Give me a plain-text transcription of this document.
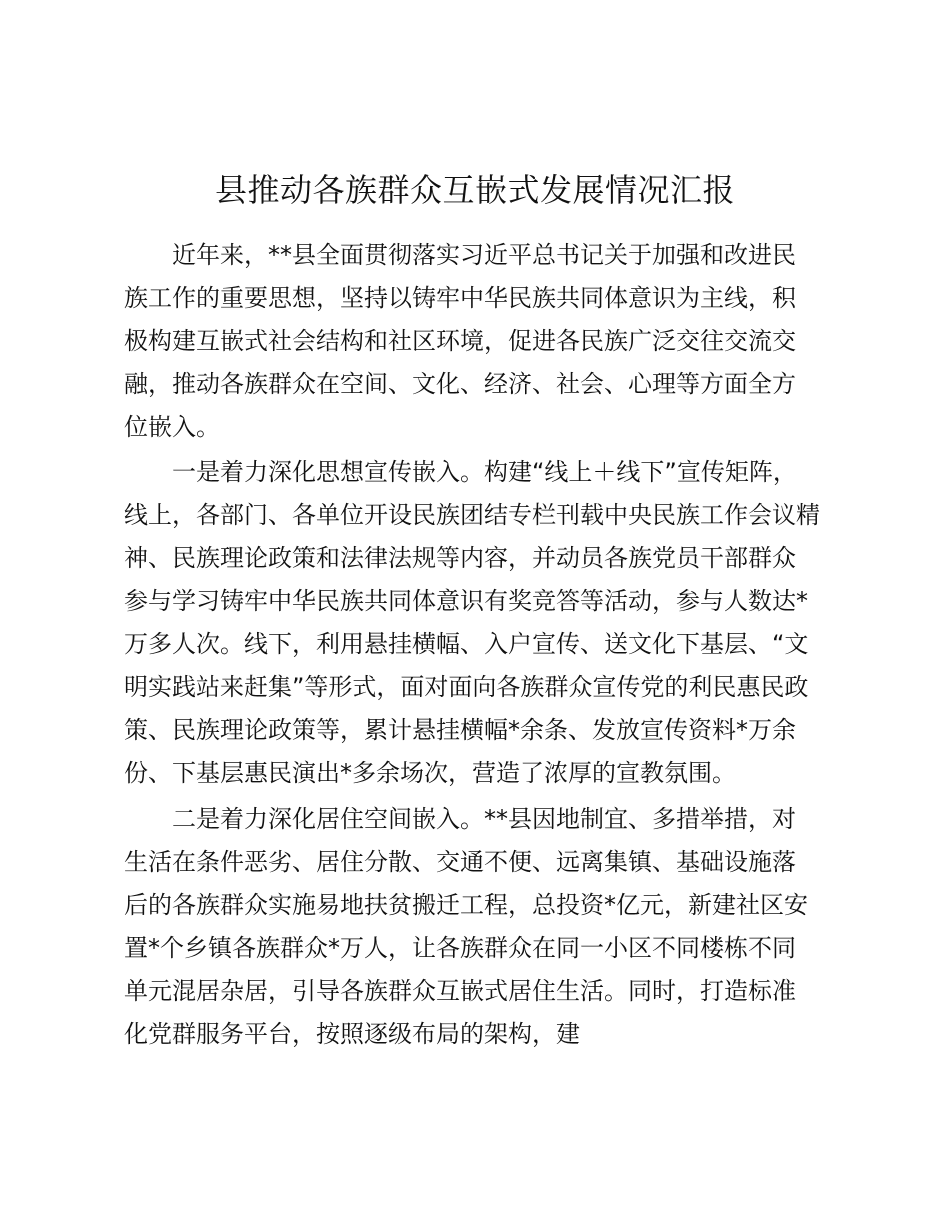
县推动各族群众互嵌式发展情况汇报
近年来，**县全面贯彻落实习近平总书记关于加强和改进民
族工作的重要思想，坚持以铸牢中华民族共同体意识为主线，积
极构建互嵌式社会结构和社区环境，促进各民族广泛交往交流交
融，推动各族群众在空间、文化、经济、社会、心理等方面全方
位嵌入。
一是着力深化思想宣传嵌入。构建“线上＋线下”宣传矩阵，
线上，各部门、各单位开设民族团结专栏刊载中央民族工作会议精
神、民族理论政策和法律法规等内容，并动员各族党员干部群众
参与学习铸牢中华民族共同体意识有奖竞答等活动，参与人数达*
万多人次。线下，利用悬挂横幅、入户宣传、送文化下基层、“文
明实践站来赶集”等形式，面对面向各族群众宣传党的利民惠民政
策、民族理论政策等，累计悬挂横幅*余条、发放宣传资料*万余
份、下基层惠民演出*多余场次，营造了浓厚的宣教氛围。
二是着力深化居住空间嵌入。**县因地制宜、多措举措，对
生活在条件恶劣、居住分散、交通不便、远离集镇、基础设施落
后的各族群众实施易地扶贫搬迁工程，总投资*亿元，新建社区安
置*个乡镇各族群众*万人，让各族群众在同一小区不同楼栋不同
单元混居杂居，引导各族群众互嵌式居住生活。同时，打造标准
化党群服务平台，按照逐级布局的架构，建
